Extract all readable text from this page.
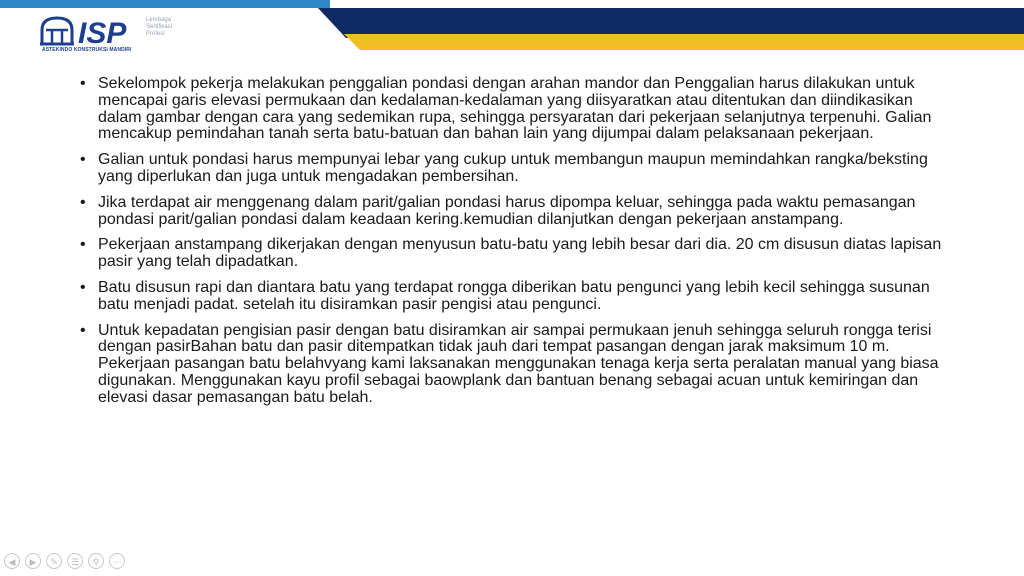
ISP	Lembaga
Sertifikasi
Profesi
ASTEKINDO KONSTRUKSI MANDIRI
• Sekelompok pekerja melakukan penggalian pondasi dengan arahan mandor dan Penggalian harus dilakukan untuk mencapai garis elevasi permukaan dan kedalaman-kedalaman yang diisyaratkan atau ditentukan dan diindikasikan dalam gambar dengan cara yang sedemikan rupa, sehingga persyaratan dari pekerjaan selanjutnya terpenuhi. Galian mencakup pemindahan tanah serta batu-batuan dan bahan lain yang dijumpai dalam pelaksanaan pekerjaan.
• Galian untuk pondasi harus mempunyai lebar yang cukup untuk membangun maupun memindahkan rangka/beksting yang diperlukan dan juga untuk mengadakan pembersihan.
• Jika terdapat air menggenang dalam parit/galian pondasi harus dipompa keluar, sehingga pada waktu pemasangan pondasi parit/galian pondasi dalam keadaan kering.kemudian dilanjutkan dengan pekerjaan anstampang.
• Pekerjaan anstampang dikerjakan dengan menyusun batu-batu yang lebih besar dari dia. 20 cm disusun diatas lapisan pasir yang telah dipadatkan.
• Batu disusun rapi dan diantara batu yang terdapat rongga diberikan batu pengunci yang lebih kecil sehingga susunan batu menjadi padat. setelah itu disiramkan pasir pengisi atau pengunci.
• Untuk kepadatan pengisian pasir dengan batu disiramkan air sampai permukaan jenuh sehingga seluruh rongga terisi dengan pasirBahan batu dan pasir ditempatkan tidak jauh dari tempat pasangan dengan jarak maksimum 10 m. Pekerjaan pasangan batu belahvyang kami laksanakan menggunakan tenaga kerja serta peralatan manual yang biasa digunakan. Menggunakan kayu profil sebagai baowplank dan bantuan benang sebagai acuan untuk kemiringan dan elevasi dasar pemasangan batu belah.
◀	▶	✎	☰	⚲	⋯
